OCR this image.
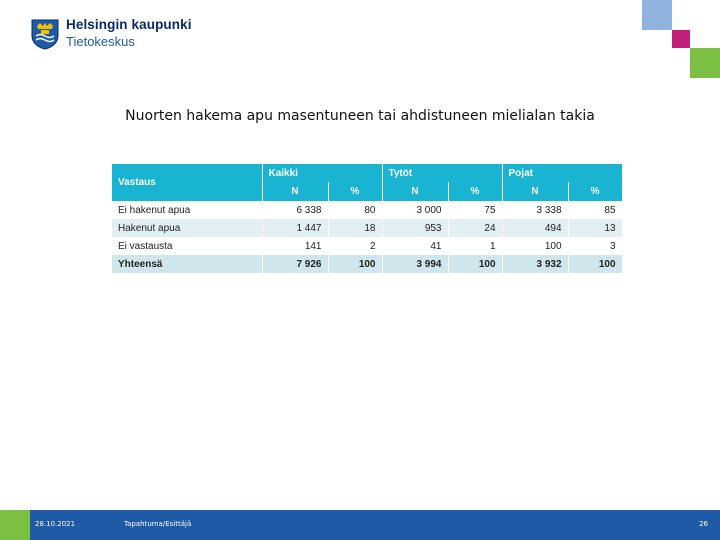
Helsingin kaupunki
Tietokeskus
Nuorten hakema apu masentuneen tai ahdistuneen mielialan takia
Vastaus	Kaikki		Tytöt		Pojat	
	N	%	N	%	N	%
Ei hakenut apua	6 338	80	3 000	75	3 338	85
Hakenut apua	1 447	18	953	24	494	13
Ei vastausta	141	2	41	1	100	3
Yhteensä	7 926	100	3 994	100	3 932	100
28.10.2021	Tapahtuma/Esittäjä	26
